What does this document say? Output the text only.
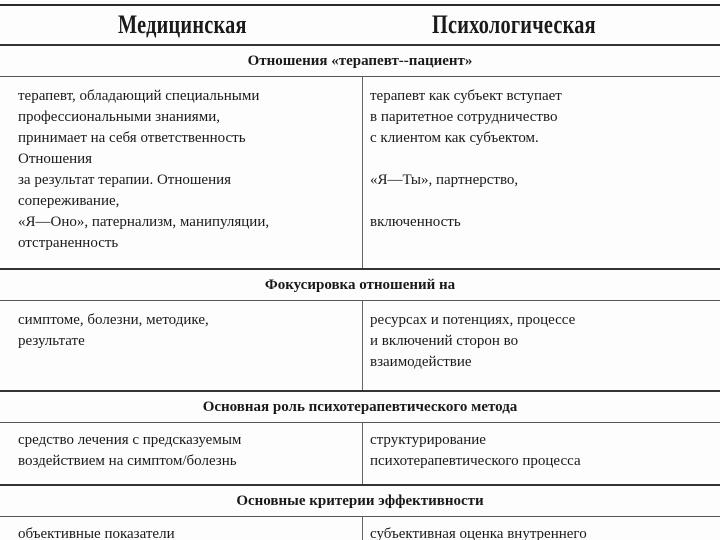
Медицинская	Психологическая
Отношения «терапевт--пациент»
терапевт, обладающий специальными
профессиональными знаниями,
принимает на себя ответственность
Отношения
за результат терапии. Отношения
сопереживание,
«Я—Оно», патернализм, манипуляции,
отстраненность
терапевт как субъект вступает
в паритетное сотрудничество
с клиентом как субъектом.

«Я—Ты», партнерство,

включенность
Фокусировка отношений на
симптоме, болезни, методике,
результате
ресурсах и потенциях, процессе
и включений сторон во
взаимодействие
Основная роль психотерапевтического метода
средство лечения с предсказуемым
воздействием на симптом/болезнь
структурирование
психотерапевтического процесса
Основные критерии эффективности
объективные показатели	субъективная оценка внутреннего
